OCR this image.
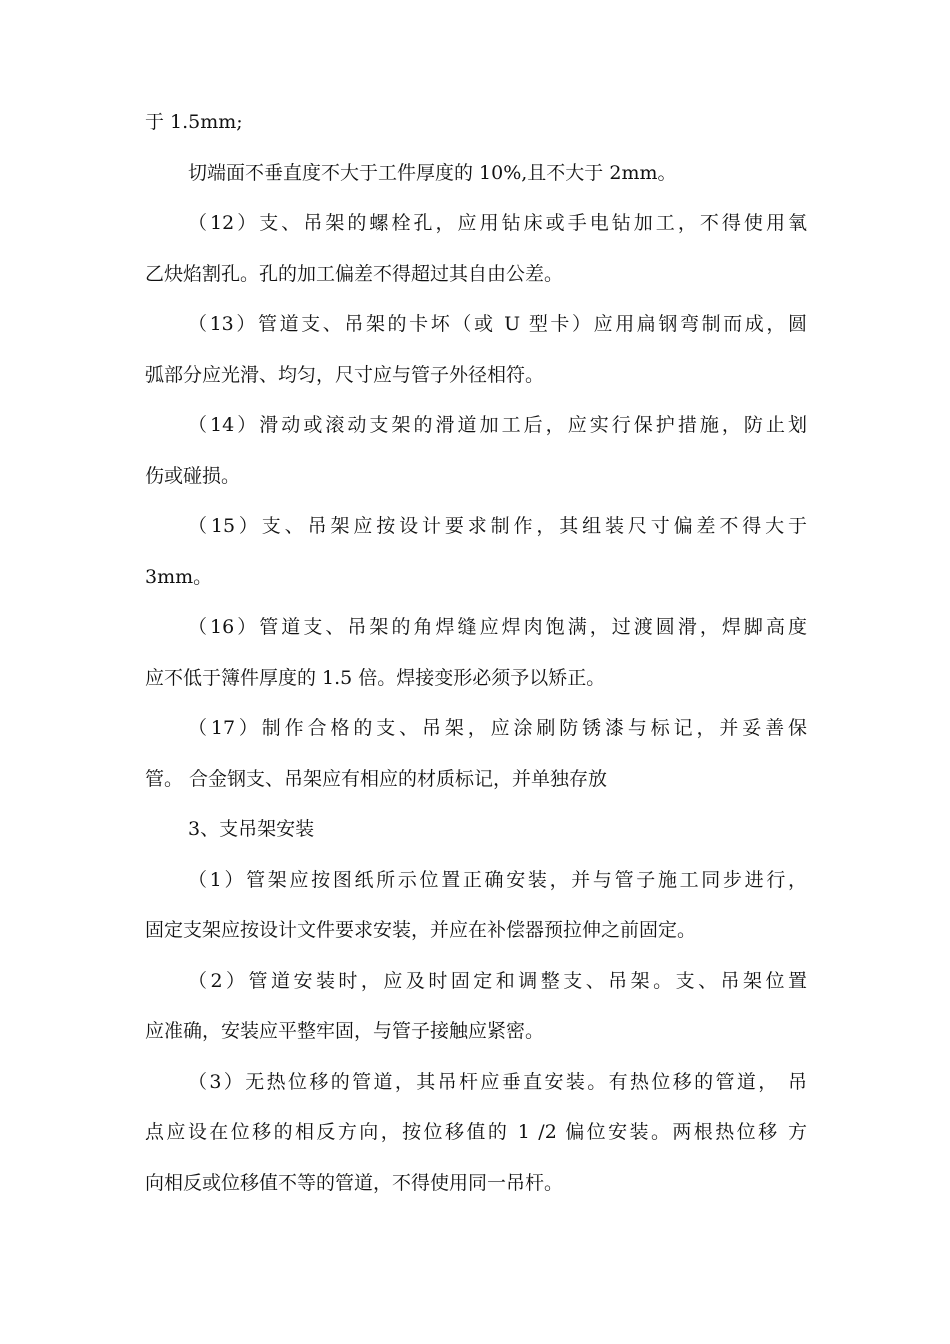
于 1.5mm;
切端面不垂直度不大于工件厚度的 10%,且不大于 2mm。
（12）支、吊架的螺栓孔，应用钻床或手电钻加工，不得使用氧
乙炔焰割孔。孔的加工偏差不得超过其自由公差。
（13）管道支、吊架的卡坏（或 U 型卡）应用扁钢弯制而成，圆
弧部分应光滑、均匀，尺寸应与管子外径相符。
（14）滑动或滚动支架的滑道加工后，应实行保护措施，防止划
伤或碰损。
（15）支、吊架应按设计要求制作，其组装尺寸偏差不得大于
3mm。
（16）管道支、吊架的角焊缝应焊肉饱满，过渡圆滑，焊脚高度
应不低于簿件厚度的 1.5 倍。焊接变形必须予以矫正。
（17）制作合格的支、吊架，应涂刷防锈漆与标记，并妥善保
管。 合金钢支、吊架应有相应的材质标记，并单独存放
3、支吊架安装
（1）管架应按图纸所示位置正确安装，并与管子施工同步进行，
固定支架应按设计文件要求安装，并应在补偿器预拉伸之前固定。
（2）管道安装时，应及时固定和调整支、吊架。支、吊架位置
应准确，安装应平整牢固，与管子接触应紧密。
（3）无热位移的管道，其吊杆应垂直安装。有热位移的管道， 吊
点应设在位移的相反方向，按位移值的 1 /2 偏位安装。两根热位移 方
向相反或位移值不等的管道，不得使用同一吊杆。
